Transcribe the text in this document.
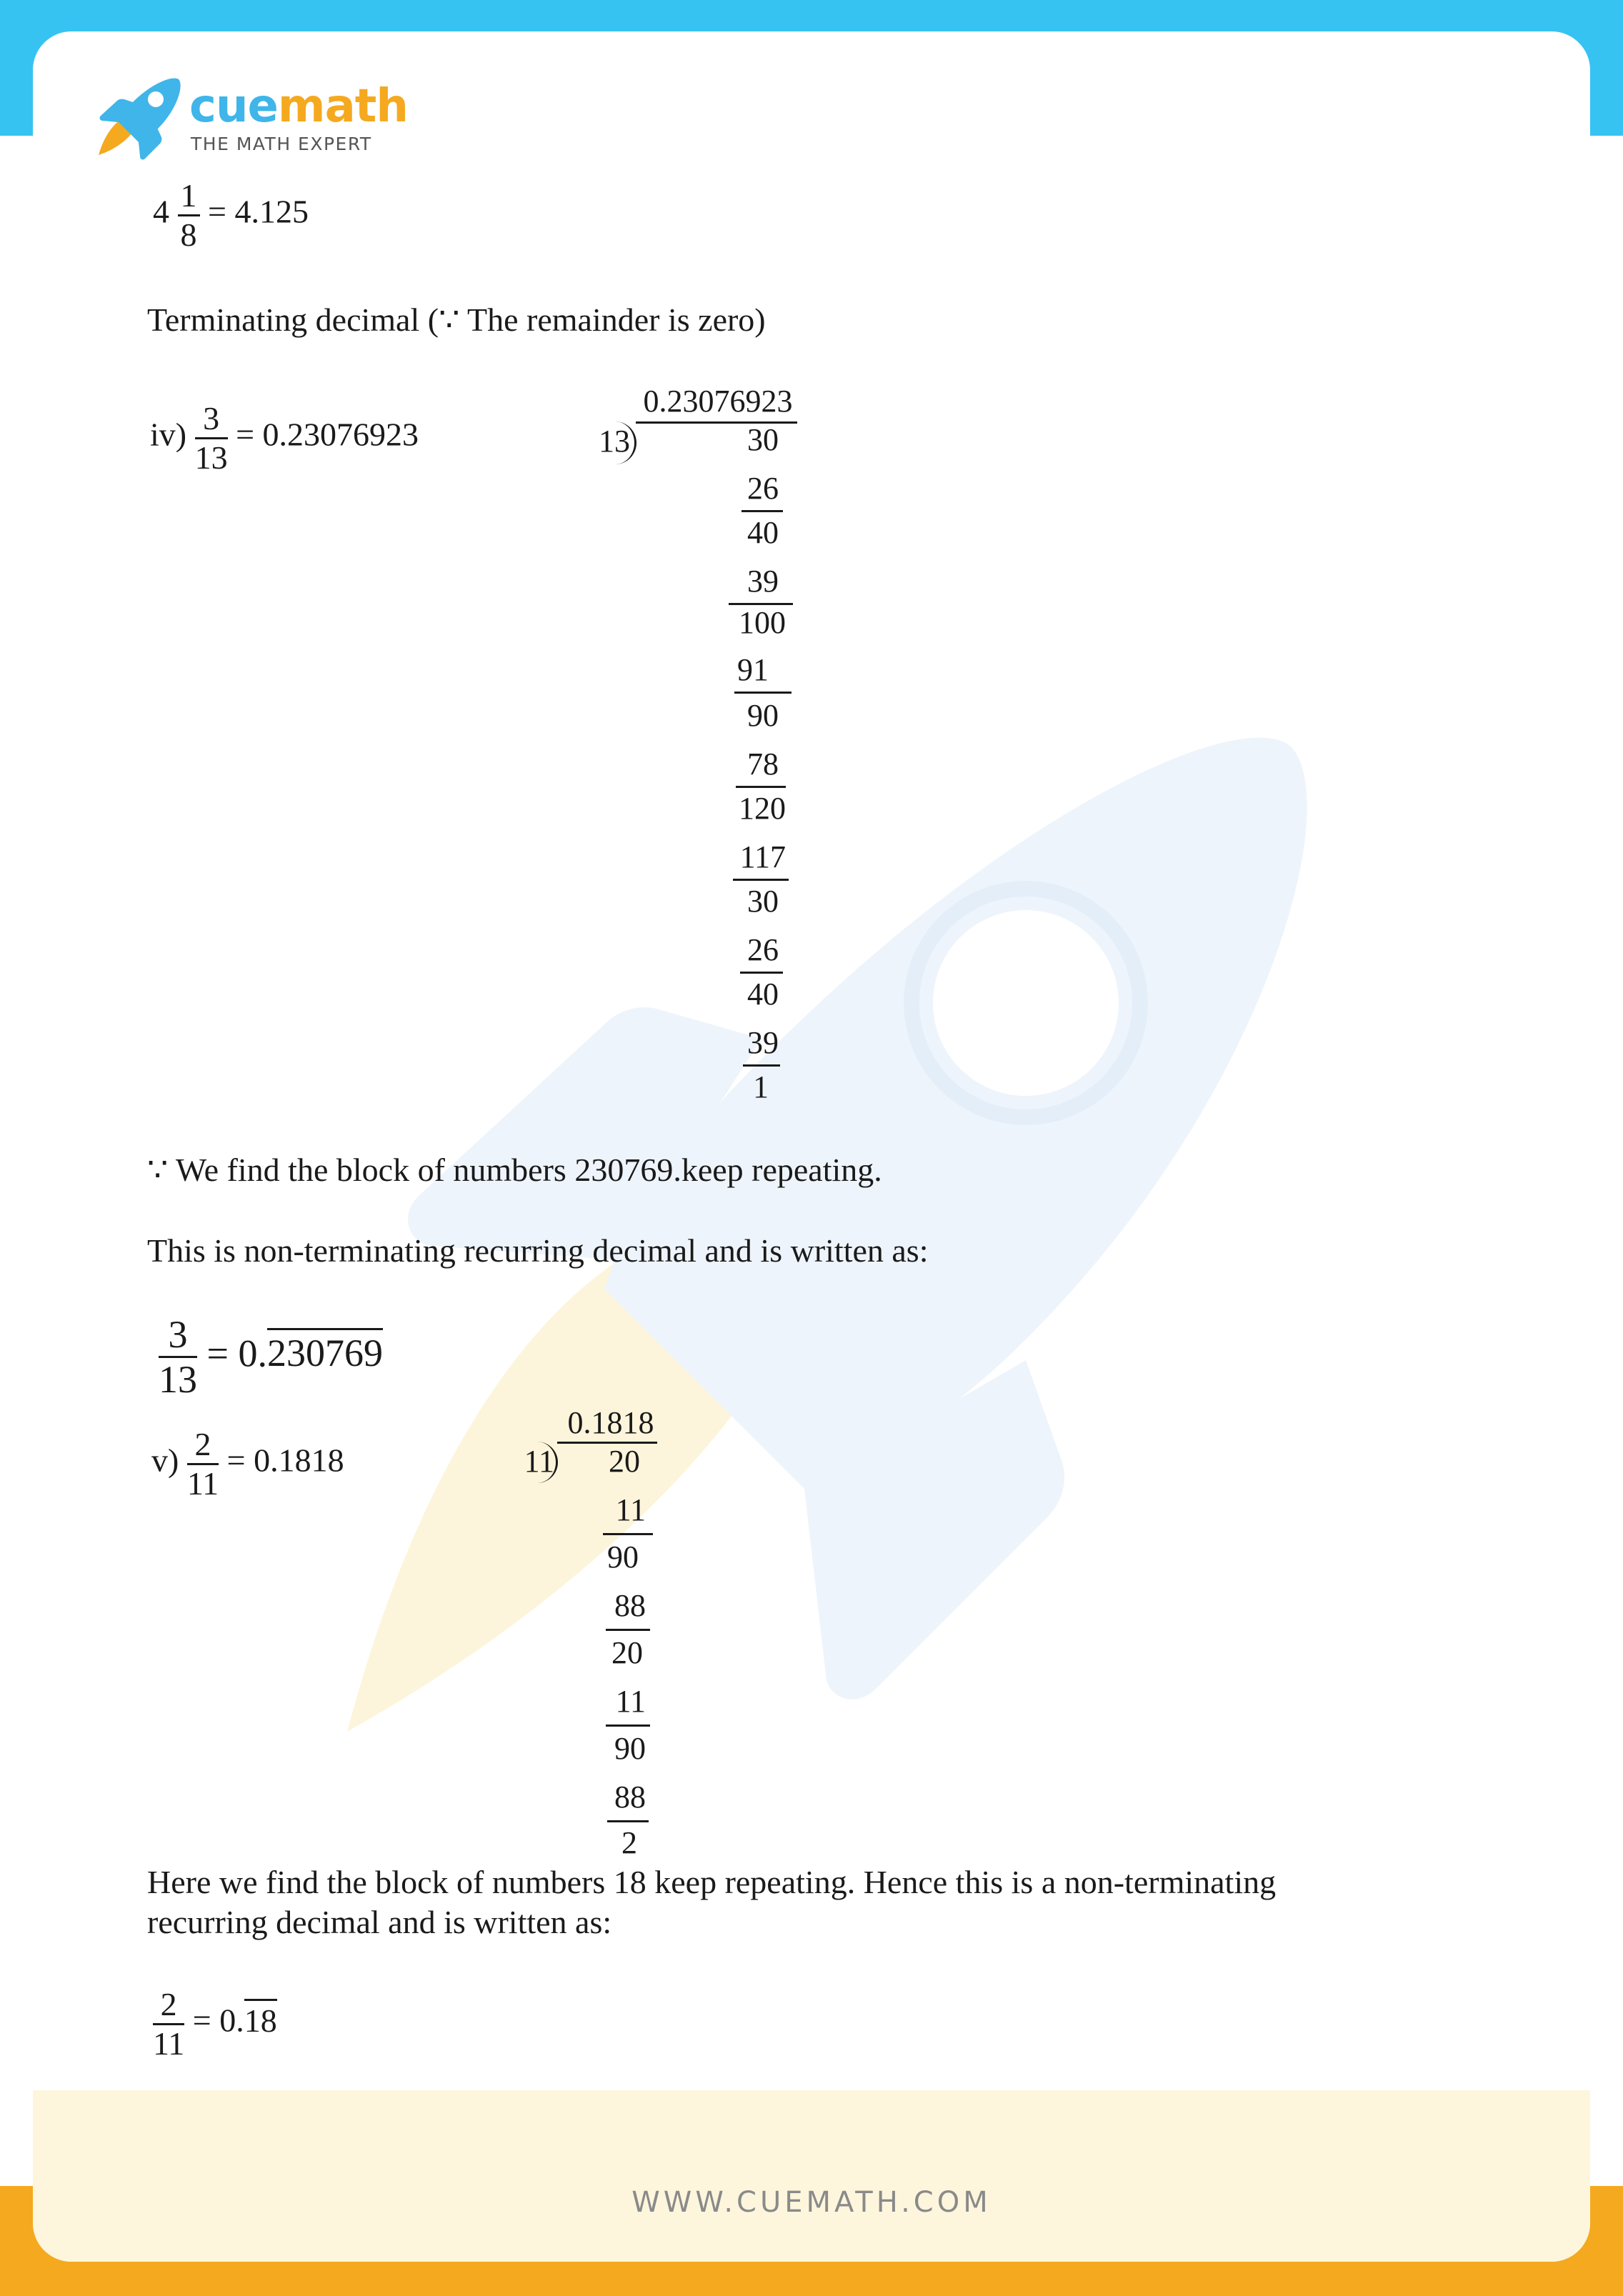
WWW.CUEMATH.COM
cuemath
THE MATH EXPERT
$4 \frac{1}{8} = 4.125$
Terminating decimal (∵ The remainder is zero)
$iv) \frac{3}{13} = 0.23076923$
0.23076923
13	30
26
40
39
100
91
90
78
120
117
30
26
40
39
1
∵ We find the block of numbers 230769.keep repeating.
This is non-terminating recurring decimal and is written as:
$\frac{3}{13} = 0.230769$
$v) \frac{2}{11} = 0.1818$
0.1818
11	20
11
90
88
20
11
90
88
2
Here we find the block of numbers 18 keep repeating. Hence this is a non-terminating
recurring decimal and is written as:
$\frac{2}{11} = 0.18$
